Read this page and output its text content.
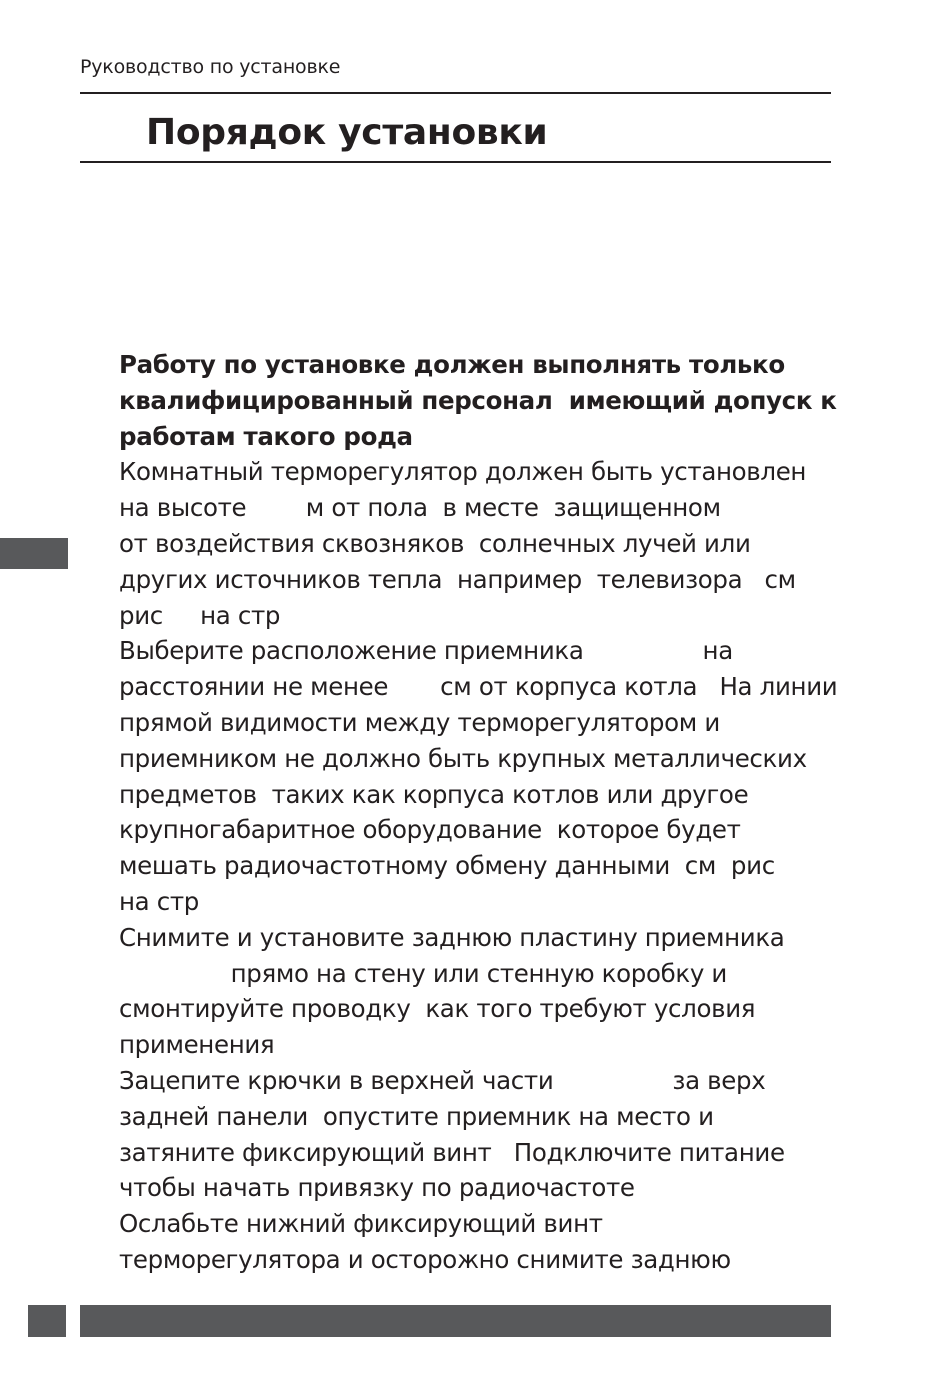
Руководство по установке
Порядок установки
Работу по установке должен выполнять только
квалифицированный персонал  имеющий допуск к
работам такого рода
Комнатный терморегулятор должен быть установлен
на высоте        м от пола  в месте  защищенном
от воздействия сквозняков  солнечных лучей или
других источников тепла  например  телевизора   см
рис     на стр
Выберите расположение приемника                на
расстоянии не менее       см от корпуса котла   На линии
прямой видимости между терморегулятором и
приемником не должно быть крупных металлических
предметов  таких как корпуса котлов или другое
крупногабаритное оборудование  которое будет
мешать радиочастотному обмену данными  см  рис
на стр
Снимите и установите заднюю пластину приемника
прямо на стену или стенную коробку и
смонтируйте проводку  как того требуют условия
применения
Зацепите крючки в верхней части                за верх
задней панели  опустите приемник на место и
затяните фиксирующий винт   Подключите питание
чтобы начать привязку по радиочастоте
Ослабьте нижний фиксирующий винт
терморегулятора и осторожно снимите заднюю
